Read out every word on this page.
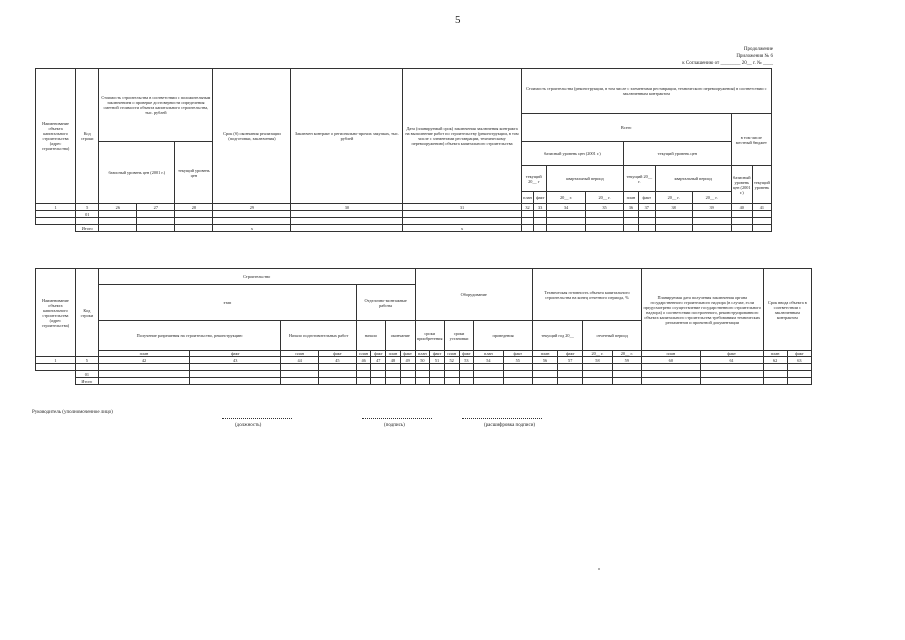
5
Продолжение
Приложения № 6
к Соглашению от ________ 20__ г. № ____
Наименование объекта капитального строительства (адрес строительства)	Код строки	Стоимость строительства в соответствии с положительным заключением о проверке достоверности определения сметной стоимости объекта капитального строительства, тыс. рублей			Срок (б) окончания реализации (подготовки, заключения)	Заключен контракт о регионально-прочих закупках, тыс. рублей	Дата (планируемый срок) заключения заключения контракта на выполнение работ по строительству (реконструкции, в том числе с элементами реставрации, техническому перевооружению) объекта капитального строительства	Стоимость строительства (реконструкции, в том числе с элементами реставрации, технического перевооружения) в соответствии с заключенным контрактом									
								Всего								в том числе местный бюджет	
		базисный уровень цен (2001 г.)		текущий уровень цен				базисный уровень цен (2001 г.)				текущий уровень цен					
								текущий 20__ г		квартальный период		текущий 20__ г.		квартальный период		базисный уровень цен (2001 г.)	текущий уровень
								план	факт	20__ г.	20__ г.	план	факт	20__ г.	20__ г.		
1	5	26	27	28	29	30	31	32	33	34	35	36	37	38	39	40	41
	01																

	Итого				x		x										
Наименование объекта капитального строительства (адрес строительства)	Код строки	Строительство								Оборудование						Техническая готовность объекта капитального строительства на конец отчетного периода, %				Планируемая дата получения заключения органа государственного строительного надзора (в случае, если предусмотрено осуществление государственного строительного надзора) о соответствии построенного, реконструированного объекта капитального строительства требованиям технических регламентов и проектной документации		Срок ввода объекта в соответствии с заключенным контрактом	
		этап				Отделочно-монтажные работы																	

		Получение разрешения на строительство, реконструкцию		Начало подготовительных работ		начало		окончание		сроки приобретения		сроки установки		проведения		текущий год 20__		отчетный период					
		план	факт	план	факт	план	факт	план	факт	план	факт	план	факт	план	факт	план	факт	20__ г.	20__ г.	план	факт	план	факт
1	5	42	43	44	45	46	47	48	49	50	51	52	53	54	55	56	57	58	59	60	61	62	63

	01																						
	Итого																						
Руководитель (уполномоченное лицо)
(должность)	(подпись)	(расшифровка подписи)
